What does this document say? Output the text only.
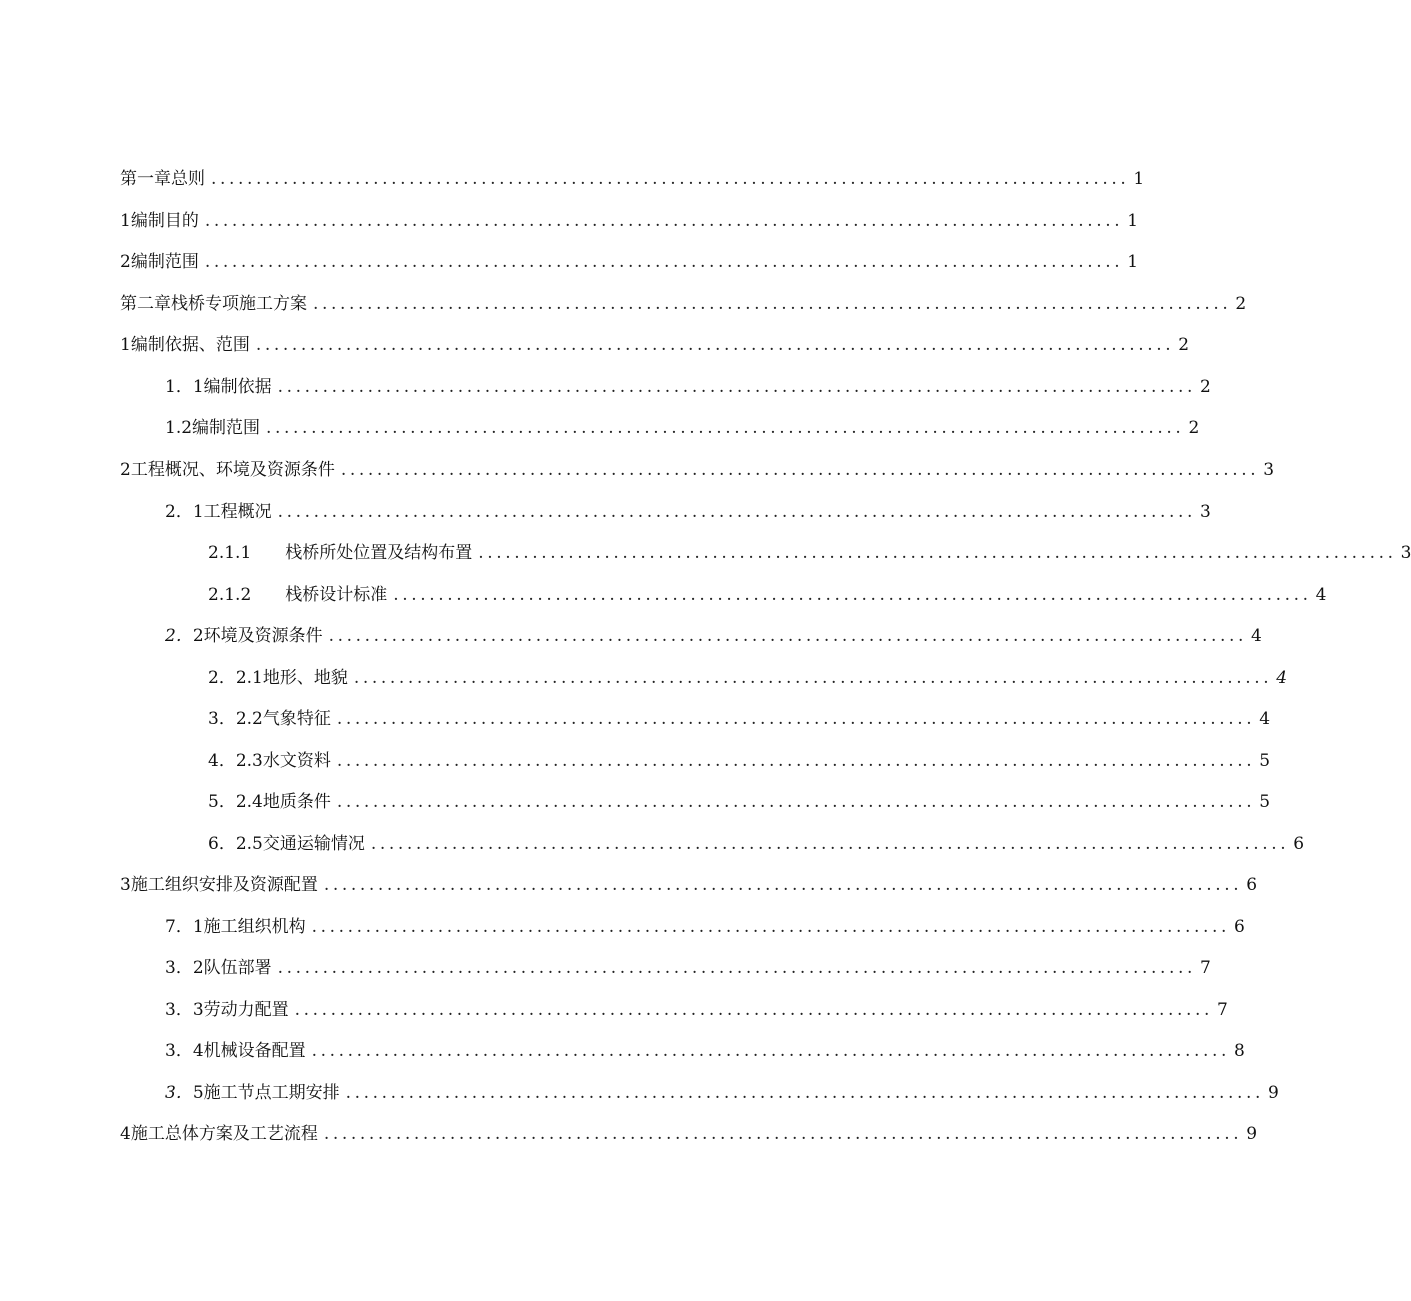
第一章总则 ...................................................................................................... 1
1编制目的 ...................................................................................................... 1
2编制范围 ...................................................................................................... 1
第二章栈桥专项施工方案 ...................................................................................................... 2
1编制依据、范围 ...................................................................................................... 2
1．1编制依据 ...................................................................................................... 2
1.2编制范围 ...................................................................................................... 2
2工程概况、环境及资源条件 ...................................................................................................... 3
2．1工程概况 ...................................................................................................... 3
2.1.1　　栈桥所处位置及结构布置 ...................................................................................................... 3
2.1.2　　栈桥设计标准 ...................................................................................................... 4
2．2环境及资源条件 ...................................................................................................... 4
2．2.1地形、地貌 ...................................................................................................... 4
3．2.2气象特征 ...................................................................................................... 4
4．2.3水文资料 ...................................................................................................... 5
5．2.4地质条件 ...................................................................................................... 5
6．2.5交通运输情况 ...................................................................................................... 6
3施工组织安排及资源配置 ...................................................................................................... 6
7．1施工组织机构 ...................................................................................................... 6
3．2队伍部署 ...................................................................................................... 7
3．3劳动力配置 ...................................................................................................... 7
3．4机械设备配置 ...................................................................................................... 8
3．5施工节点工期安排 ...................................................................................................... 9
4施工总体方案及工艺流程 ...................................................................................................... 9
